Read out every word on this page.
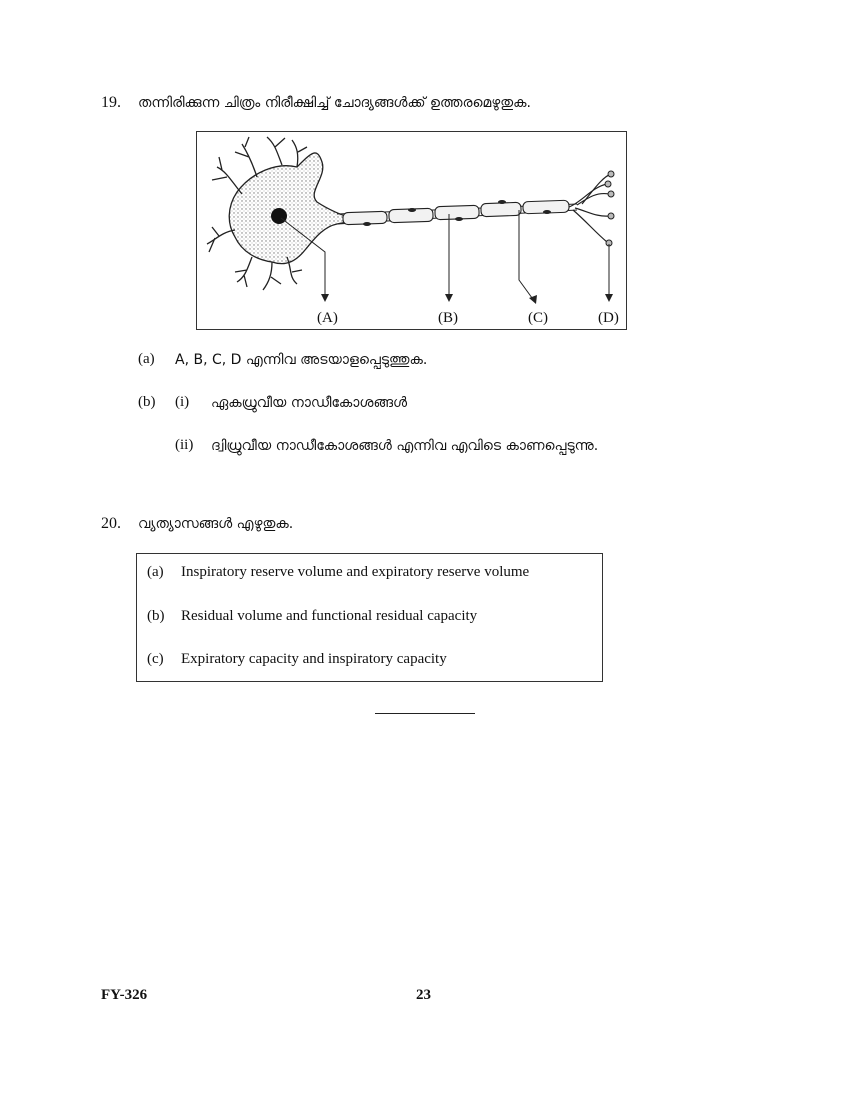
19. തന്നിരിക്കുന്ന ചിത്രം നിരീക്ഷിച്ച് ചോദ്യങ്ങൾക്ക് ഉത്തരമെഴുതുക.
(A)	(B)	(C)	(D)
(a) A, B, C, D എന്നിവ അടയാളപ്പെടുത്തുക.
(b) (i) ഏകധ്രുവീയ നാഡീകോശങ്ങൾ
(ii) ദ്വിധ്രുവീയ നാഡീകോശങ്ങൾ എന്നിവ എവിടെ കാണപ്പെടുന്നു.
20. വ്യത്യാസങ്ങൾ എഴുതുക.
(a) Inspiratory reserve volume and expiratory reserve volume
(b) Residual volume and functional residual capacity
(c) Expiratory capacity and inspiratory capacity
FY-326	23
